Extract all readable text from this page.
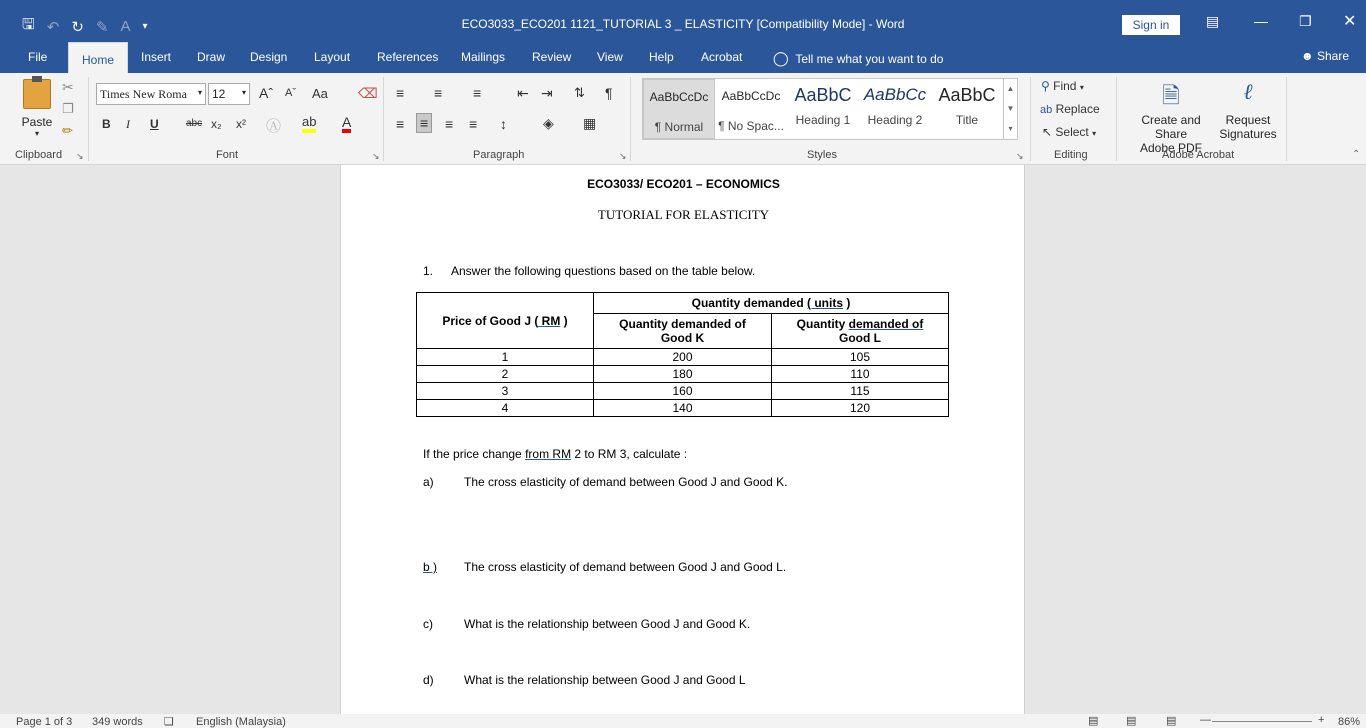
🖫 ↶ ↻ ✎ A ▾	ECO3033_ECO201 1121_TUTORIAL 3 _ ELASTICITY [Compatibility Mode] - Word	Sign in	▤ — ❐ ✕
File	Home	Insert Draw Design Layout References Mailings Review View Help Acrobat ◯ Tell me what you want to do	☻ Share
Paste
▾
✂
❐
✏
Clipboard ↘
Times New Roma ▾ 12 ▾ Aˆ Aˇ Aa ⌫
B I U	abc x₂ x² Ⓐ ab A
Font	↘
≡ ≡ ≡	⇤ ⇥ ⇅ ¶
≡ ≡ ≡ ≡ ↕	◈ ▦
Paragraph	↘
AaBbCcDc
¶ Normal
AaBbCcDc
¶ No Spac...
AaBbC
Heading 1
AaBbCc
Heading 2
AaBbC
Title
▲
▼
▾
Styles	↘
⚲ Find ▾
ab Replace
↖ Select ▾
Editing
🗎
Create and Share
Adobe PDF
ℓ
Request
Signatures
Adobe Acrobat	⌃
ECO3033/ ECO201 – ECONOMICS
TUTORIAL FOR ELASTICITY
1. Answer the following questions based on the table below.
Price of Good J ( RM )	Quantity demanded ( units )	
	Quantity demanded of
Good K	Quantity demanded of
Good L
1	200	105
2	180	110
3	160	115
4	140	120
If the price change from RM 2 to RM 3, calculate :
a)	The cross elasticity of demand between Good J and Good K.
b ) The cross elasticity of demand between Good J and Good L.
c)	What is the relationship between Good J and Good K.
d)	What is the relationship between Good J and Good L
Page 1 of 3 349 words ❏ English (Malaysia)	▤	▤	▤ —	+ 86%
